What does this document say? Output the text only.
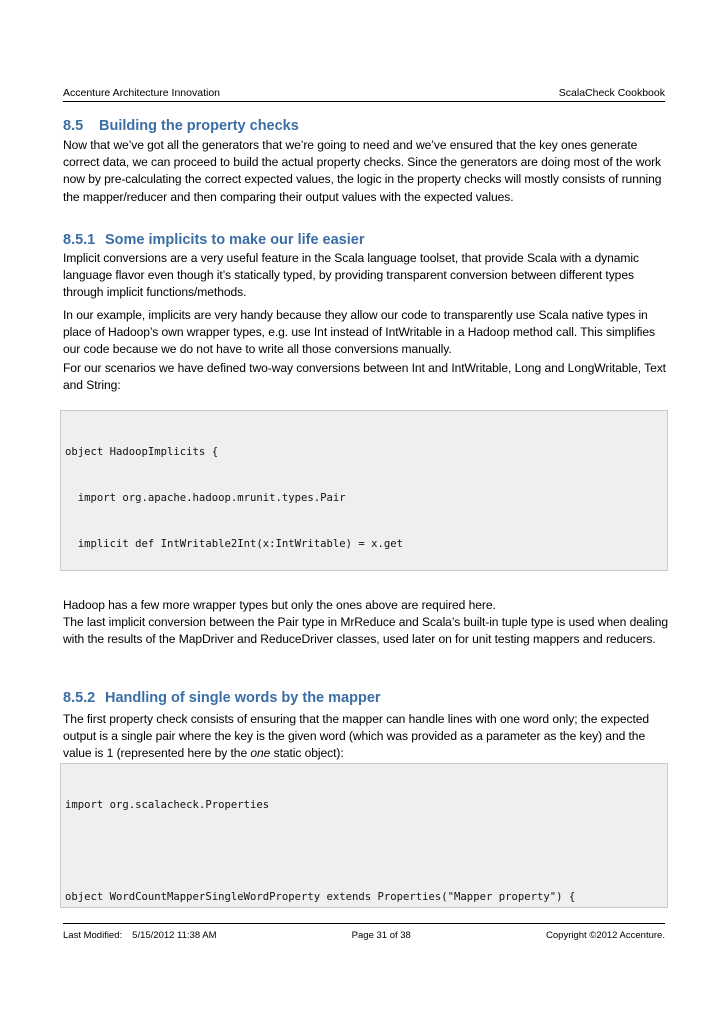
Accenture Architecture Innovation	ScalaCheck Cookbook
8.5 Building the property checks
Now that we’ve got all the generators that we’re going to need and we’ve ensured that the key ones generate correct data, we can proceed to build the actual property checks. Since the generators are doing most of the work now by pre-calculating the correct expected values, the logic in the property checks will mostly consists of running the mapper/reducer and then comparing their output values with the expected values.
8.5.1 Some implicits to make our life easier
Implicit conversions are a very useful feature in the Scala language toolset, that provide Scala with a dynamic language flavor even though it’s statically typed, by providing transparent conversion between different types through implicit functions/methods.
In our example, implicits are very handy because they allow our code to transparently use Scala native types in place of Hadoop’s own wrapper types, e.g. use Int instead of IntWritable in a Hadoop method call. This simplifies our code because we do not have to write all those conversions manually.
For our scenarios we have defined two-way conversions between Int and IntWritable, Long and LongWritable, Text and String:

object HadoopImplicits {

import org.apache.hadoop.mrunit.types.Pair

implicit def IntWritable2Int(x:IntWritable) = x.get

Hadoop has a few more wrapper types but only the ones above are required here.
The last implicit conversion between the Pair type in MrReduce and Scala’s built-in tuple type is used when dealing with the results of the MapDriver and ReduceDriver classes, used later on for unit testing mappers and reducers.
8.5.2 Handling of single words by the mapper
The first property check consists of ensuring that the mapper can handle lines with one word only; the expected output is a single pair where the key is the given word (which was provided as a parameter as the key) and the value is 1 (represented here by the one static object):

import org.scalacheck.Properties

object WordCountMapperSingleWordProperty extends Properties("Mapper property") {

Last Modified: 5/15/2012 11:38 AM	Page 31 of 38	Copyright ©2012 Accenture.
